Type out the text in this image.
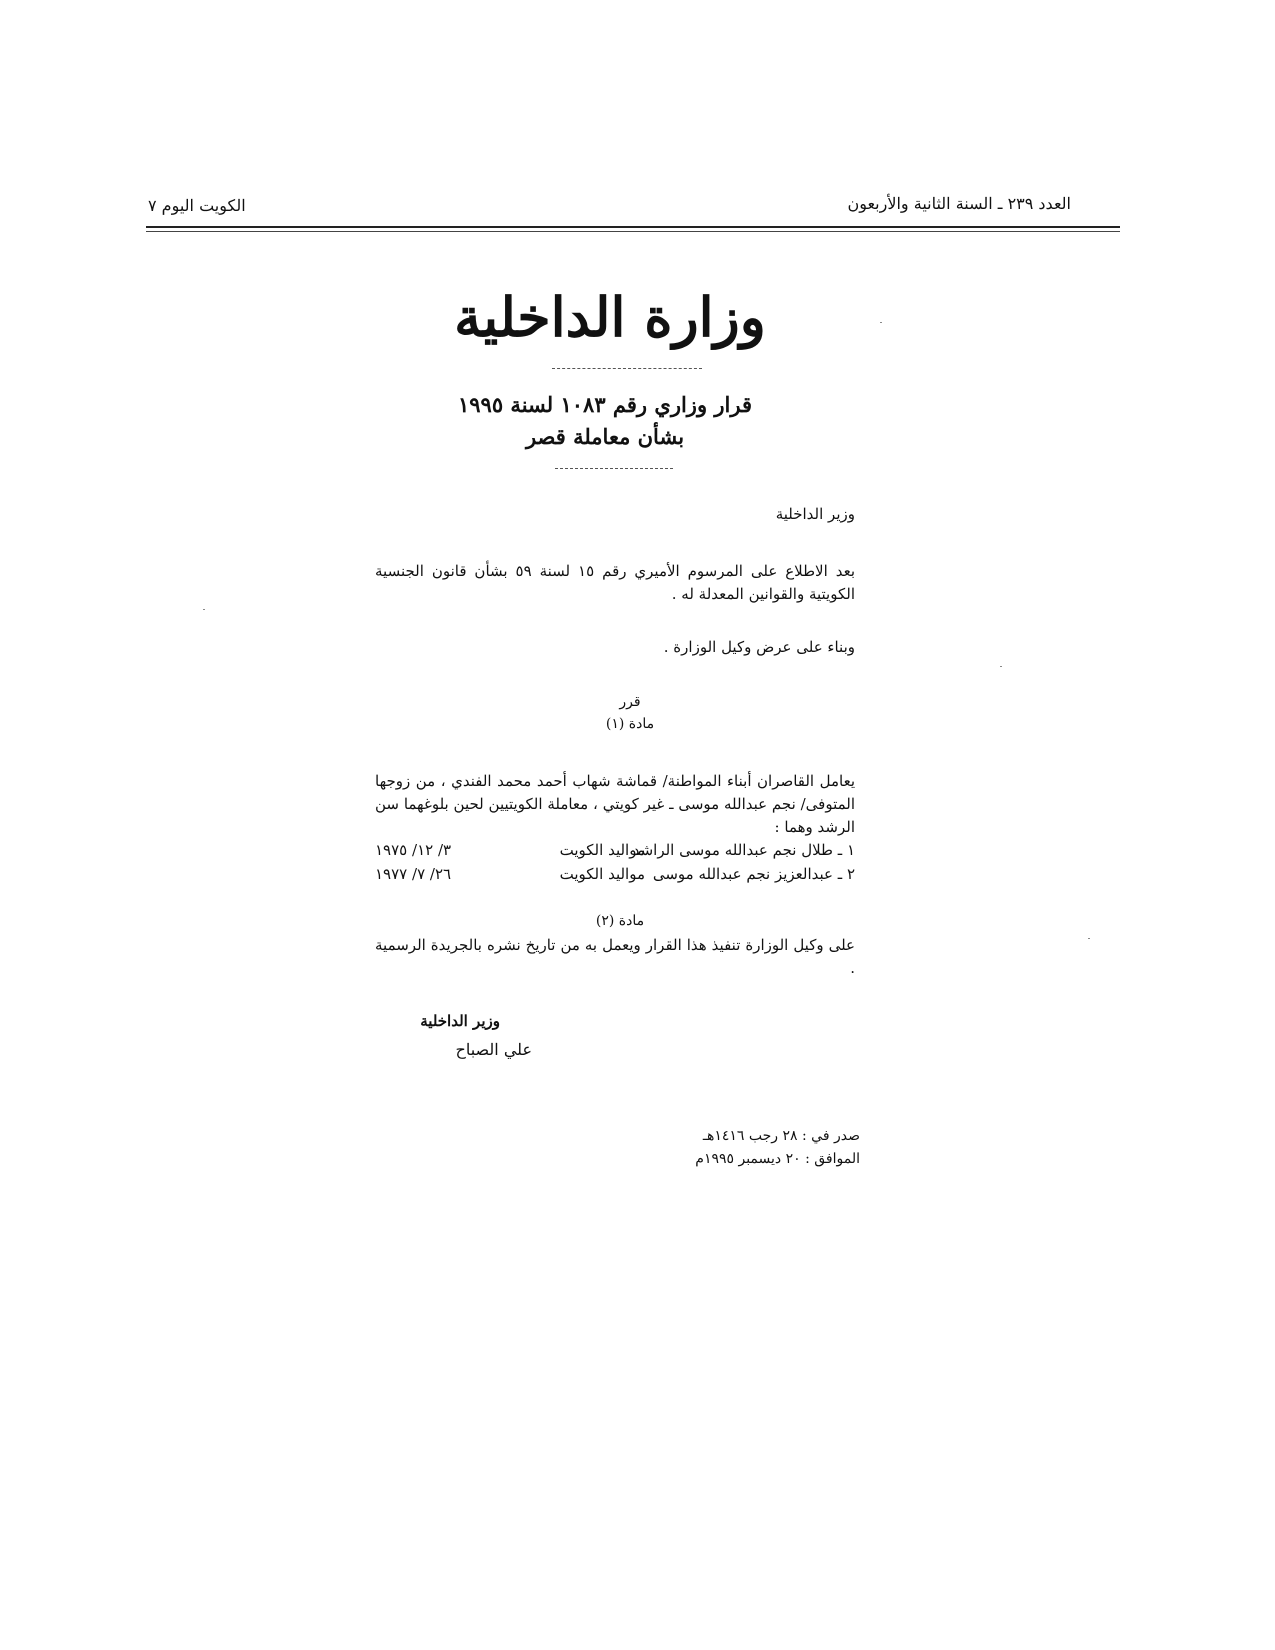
الكويت اليوم ٧	العدد ٢٣٩ ـ السنة الثانية والأربعون
وزارة الداخلية
قرار وزاري رقم ١٠٨٣ لسنة ١٩٩٥
بشأن معاملة قصر
وزير الداخلية
بعد الاطلاع على المرسوم الأميري رقم ١٥ لسنة ٥٩ بشأن قانون الجنسية الكويتية والقوانين المعدلة له .
وبناء على عرض وكيل الوزارة .
قرر
مادة (١)
يعامل القاصران أبناء المواطنة/ قماشة شهاب أحمد محمد الفندي ، من زوجها المتوفى/ نجم عبدالله موسى ـ غير كويتي ، معاملة الكويتيين لحين بلوغهما سن الرشد وهما :
١ ـ طلال نجم عبدالله موسى الراشد
مواليد الكويت
٣/ ١٢/ ١٩٧٥
٢ ـ عبدالعزيز نجم عبدالله موسى
مواليد الكويت
٢٦/ ٧/ ١٩٧٧
مادة (٢)
على وكيل الوزارة تنفيذ هذا القرار ويعمل به من تاريخ نشره بالجريدة الرسمية .
وزير الداخلية
علي الصباح
صدر في : ٢٨ رجب ١٤١٦هـ
الموافق : ٢٠ ديسمبر ١٩٩٥م
